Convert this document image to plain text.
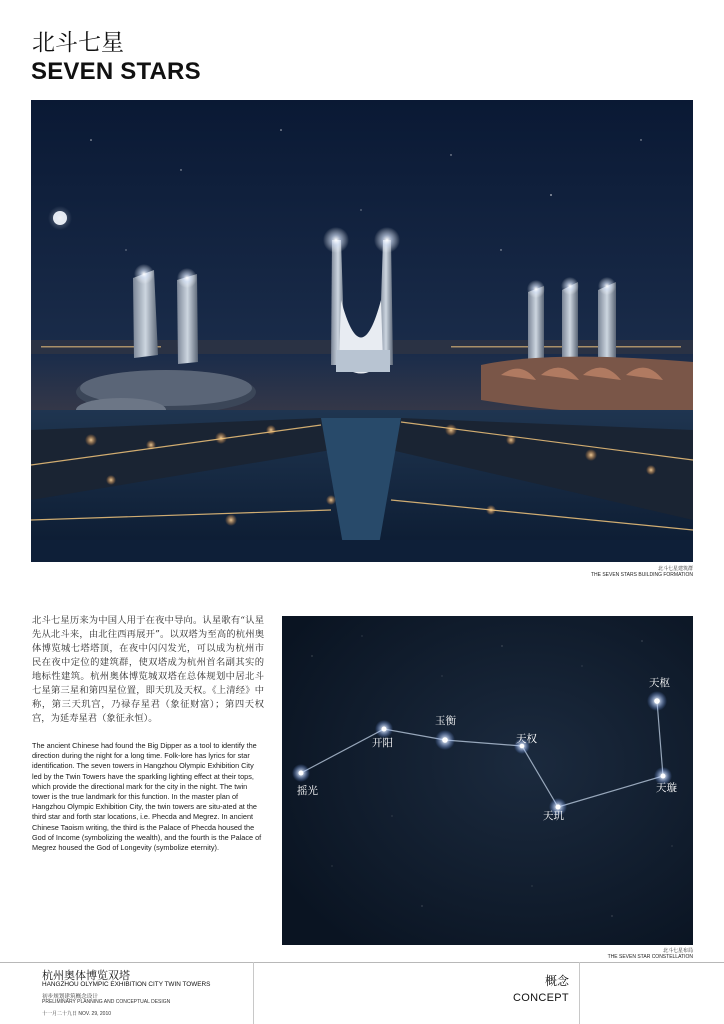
北斗七星
SEVEN STARS
北斗七星建筑群
THE SEVEN STARS BUILDING FORMATION
北斗七星历来为中国人用于在夜中导向。认星歌有“认星先从北斗来，由北往西再展开”。以双塔为至高的杭州奥体博览城七塔塔顶，在夜中闪闪发光，可以成为杭州市民在夜中定位的建筑群，使双塔成为杭州首名副其实的地标性建筑。杭州奥体博览城双塔在总体规划中居北斗七星第三星和第四星位置，即天玑及天权。《上清经》中称，第三天玑宫，乃禄存星君（象征财富）；第四天权宫，为延寿星君（象征永恒）。
The ancient Chinese had found the Big Dipper as a tool to identify the direction during the night for a long time. Folk-lore has lyrics for star identification. The seven towers in Hangzhou Olympic Exhibition City led by the Twin Towers have the sparkling lighting effect at their tops, which provide the directional mark for the city in the night. The twin tower is the true landmark for this function. In the master plan of Hangzhou Olympic Exhibition City, the twin towers are situ-ated at the third star and forth star locations, i.e. Phecda and Megrez. In ancient Chinese Taoism writing, the third is the Palace of Phecda housed the God of Income (symbolizing the wealth), and the fourth is the Palace of Megrez housed the God of Longevity (symbolize eternity).
天枢
天璇
天玑
天权
玉衡
开阳
摇光
北斗七星布局
THE SEVEN STAR CONSTELLATION
杭州奥体博览双塔
HANGZHOU OLYMPIC EXHIBITION CITY TWIN TOWERS
初步规划建筑概念设计
PRELIMINARY PLANNING AND CONCEPTUAL DESIGN
十一月二十九日 NOV. 29, 2010
概念
CONCEPT
